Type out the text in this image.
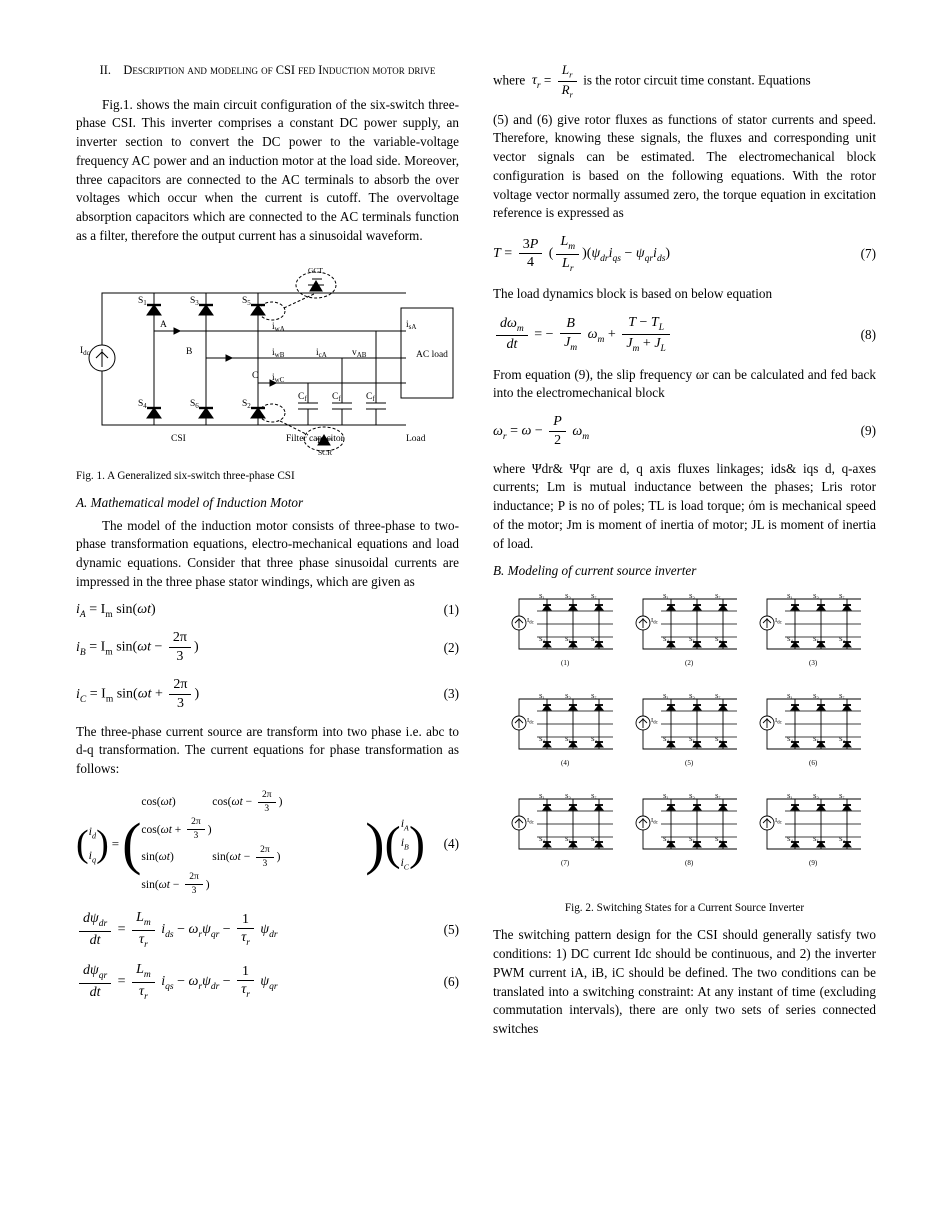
II. Description and modeling of CSI fed Induction motor drive

Fig.1. shows the main circuit configuration of the six-switch three-phase CSI. This inverter comprises a constant DC power supply, an inverter section to convert the DC power to the variable-voltage frequency AC power and an induction motor at the load side. Moreover, three capacitors are connected to the AC terminals to absorb the over voltages which occur when the current is cutoff. The overvoltage absorption capacitors which are connected to the AC terminals function as a filter, therefore the output current has a sinusoidal waveform.

$S_1$	$S_3$	$S_5$
$S_4$	$S_6$	$S_2$
$I_{dc}$
A
B
C
$i_{wA}$
$i_{wB}$
$i_{wC}$
$i_{cA}$	$v_{AB}$
$i_{sA}$
$C_f$	$C_f$	$C_f$
CSI	Filter capacitor	Load
GCT
SCR
AC load
Fig. 1. A Generalized six-switch three-phase CSI
A. Mathematical model of Induction Motor

The model of the induction motor consists of three-phase to two-phase transformation equations, electro-mechanical equations and load dynamic equations. Consider that three phase sinusoidal currents are impressed in the three phase stator windings, which are given as

$i_A = I_m$ sin(ωt)	(1)
$i_B = I_m$ $\sin(\omega t - \frac{2\pi}{3}$ )	(2)
$i_C = I_m$ $\sin(\omega t + \frac{2\pi}{3}$ )	(3)

The three-phase current source are transform into two phase i.e. abc to d-q transformation. The current equations for phase transformation as follows:

( $i_d$
$i_q$ ) = (
cos(ωt)	$\cos(\omega t - \frac{2\pi}{3}$ ) $\cos(\omega t + \frac{2\pi}{3}$ )
sin(ωt)	$\sin(\omega t - \frac{2\pi}{3}$ ) $\sin(\omega t - \frac{2\pi}{3}$ )
) ( $i_A$
$i_B$
$i_C$ )	(4)
$\frac{d\psi_{dr}}{dt} = \frac{L_m}{\tau_r} i_{ds} - \omega_r\psi_{qr} - \frac{1}{\tau_r} \psi_{dr}$	(5)
$\frac{d\psi_{qr}}{dt} = \frac{L_m}{\tau_r} i_{qs} - \omega_r\psi_{dr} - \frac{1}{\tau_r} \psi_{qr}$	(6)
where $\tau_r = \frac{L_r}{R_r}$ is the rotor circuit time constant. Equations

(5) and (6) give rotor fluxes as functions of stator currents and speed. Therefore, knowing these signals, the fluxes and corresponding unit vector signals can be estimated. The electromechanical block configuration is based on the following equations. With the rotor voltage vector normally assumed zero, the torque equation in excitation reference is expressed as

$T = \frac{3P}{4}$ ( $\frac{L_m}{L_r} )(\psi_{dr}i_{qs} - \psi_{qr}i_{ds})$	(7)

The load dynamics block is based on below equation

$\frac{d\omega_m}{dt}$ = − $\frac{B}{J_m} \omega_m + \frac{T - T_L}{J_m + J_L}$	(8)

From equation (9), the slip frequency ωr can be calculated and fed back into the electromechanical block

$\omega_r = \omega - \frac{P}{2} \omega_m$	(9)

where Ψdr& Ψqr are d, q axis fluxes linkages; ids& iqs d, q-axes currents; Lm is mutual inductance between the phases; Lris rotor inductance; P is no of poles; TL is load torque; όm is mechanical speed of the motor; Jm is moment of inertia of motor; JL is moment of inertia of load.

B. Modeling of current source inverter
S₁	S₃	S₅
S₄	S₆	S₂
$I_{dc}$
(1)
S₁	S₃	S₅
S₄	S₆	S₂
$I_{dc}$
(2)
S₁	S₃	S₅
S₄	S₆	S₂
$I_{dc}$
(3)
S₁	S₃	S₅
S₄	S₆	S₂
$I_{dc}$
(4)
S₁	S₃	S₅
S₄	S₆	S₂
$I_{dc}$
(5)
S₁	S₃	S₅
S₄	S₆	S₂
$I_{dc}$
(6)
S₁	S₃	S₅
S₄	S₆	S₂
$I_{dc}$
(7)
S₁	S₃	S₅
S₄	S₆	S₂
$I_{dc}$
(8)
S₁	S₃	S₅
S₄	S₆	S₂
$I_{dc}$
(9)
Fig. 2. Switching States for a Current Source Inverter

The switching pattern design for the CSI should generally satisfy two conditions: 1) DC current Idc should be continuous, and 2) the inverter PWM current iA, iB, iC should be defined. The two conditions can be translated into a switching constraint: At any instant of time (excluding commutation intervals), there are only two sets of series connected switches
